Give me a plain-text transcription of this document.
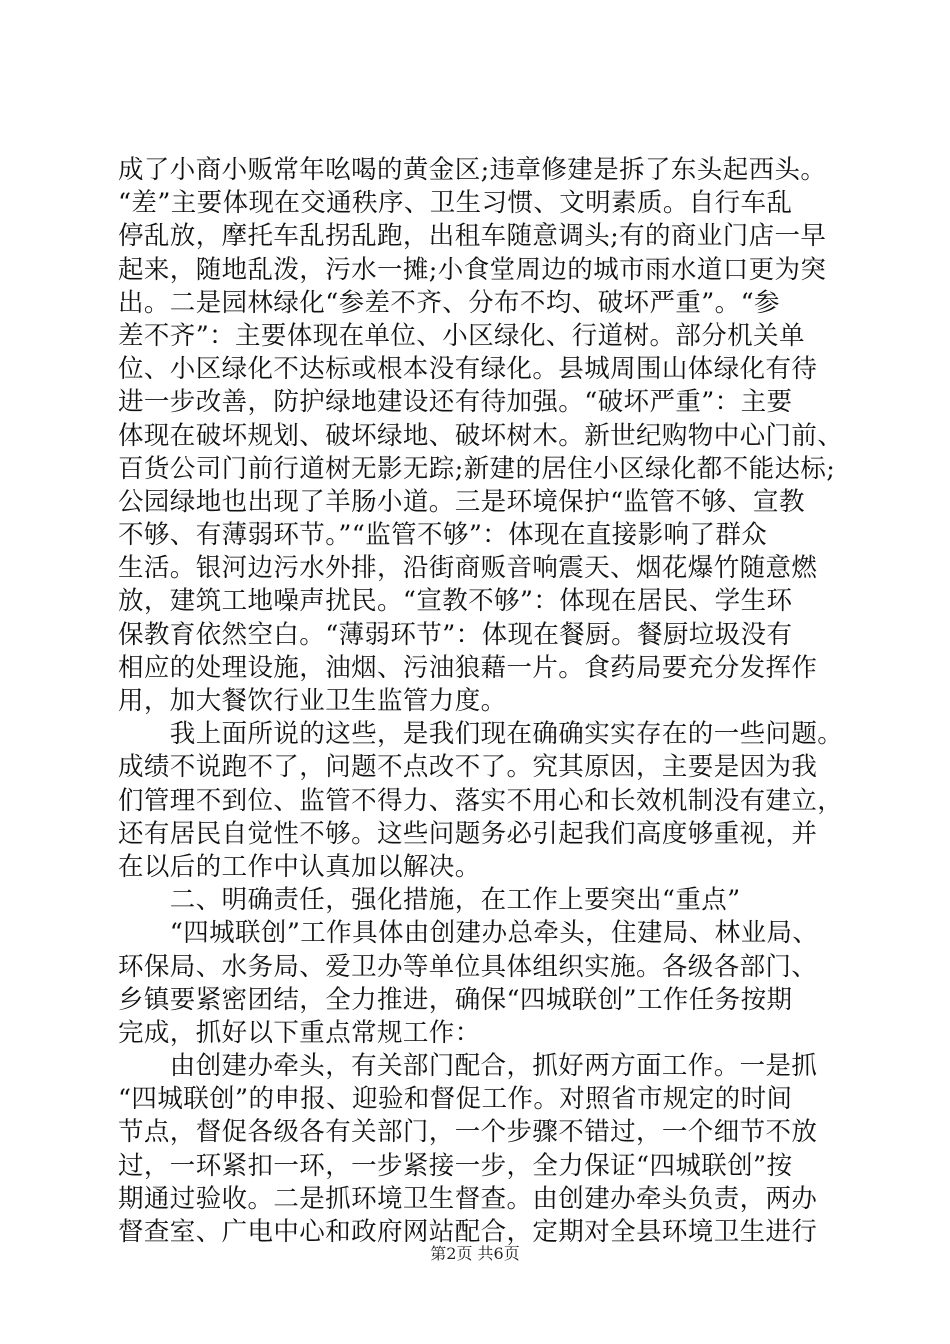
成了小商小贩常年吆喝的黄金区;违章修建是拆了东头起西头。
“差”主要体现在交通秩序、卫生习惯、文明素质。自行车乱
停乱放，摩托车乱拐乱跑，出租车随意调头;有的商业门店一早
起来，随地乱泼，污水一摊;小食堂周边的城市雨水道口更为突
出。二是园林绿化“参差不齐、分布不均、破坏严重”。“参
差不齐”：主要体现在单位、小区绿化、行道树。部分机关单
位、小区绿化不达标或根本没有绿化。县城周围山体绿化有待
进一步改善，防护绿地建设还有待加强。“破坏严重”：主要
体现在破坏规划、破坏绿地、破坏树木。新世纪购物中心门前、
百货公司门前行道树无影无踪;新建的居住小区绿化都不能达标;
公园绿地也出现了羊肠小道。三是环境保护“监管不够、宣教
不够、有薄弱环节。”“监管不够”：体现在直接影响了群众
生活。银河边污水外排，沿街商贩音响震天、烟花爆竹随意燃
放，建筑工地噪声扰民。“宣教不够”：体现在居民、学生环
保教育依然空白。“薄弱环节”：体现在餐厨。餐厨垃圾没有
相应的处理设施，油烟、污油狼藉一片。食药局要充分发挥作
用，加大餐饮行业卫生监管力度。
　　我上面所说的这些，是我们现在确确实实存在的一些问题。
成绩不说跑不了，问题不点改不了。究其原因，主要是因为我
们管理不到位、监管不得力、落实不用心和长效机制没有建立，
还有居民自觉性不够。这些问题务必引起我们高度够重视，并
在以后的工作中认真加以解决。
　　二、明确责任，强化措施，在工作上要突出“重点”
　　“四城联创”工作具体由创建办总牵头，住建局、林业局、
环保局、水务局、爱卫办等单位具体组织实施。各级各部门、
乡镇要紧密团结，全力推进，确保“四城联创”工作任务按期
完成，抓好以下重点常规工作：
　　由创建办牵头，有关部门配合，抓好两方面工作。一是抓
“四城联创”的申报、迎验和督促工作。对照省市规定的时间
节点，督促各级各有关部门，一个步骤不错过，一个细节不放
过，一环紧扣一环，一步紧接一步，全力保证“四城联创”按
期通过验收。二是抓环境卫生督查。由创建办牵头负责，两办
督查室、广电中心和政府网站配合，定期对全县环境卫生进行
第2页 共6页
